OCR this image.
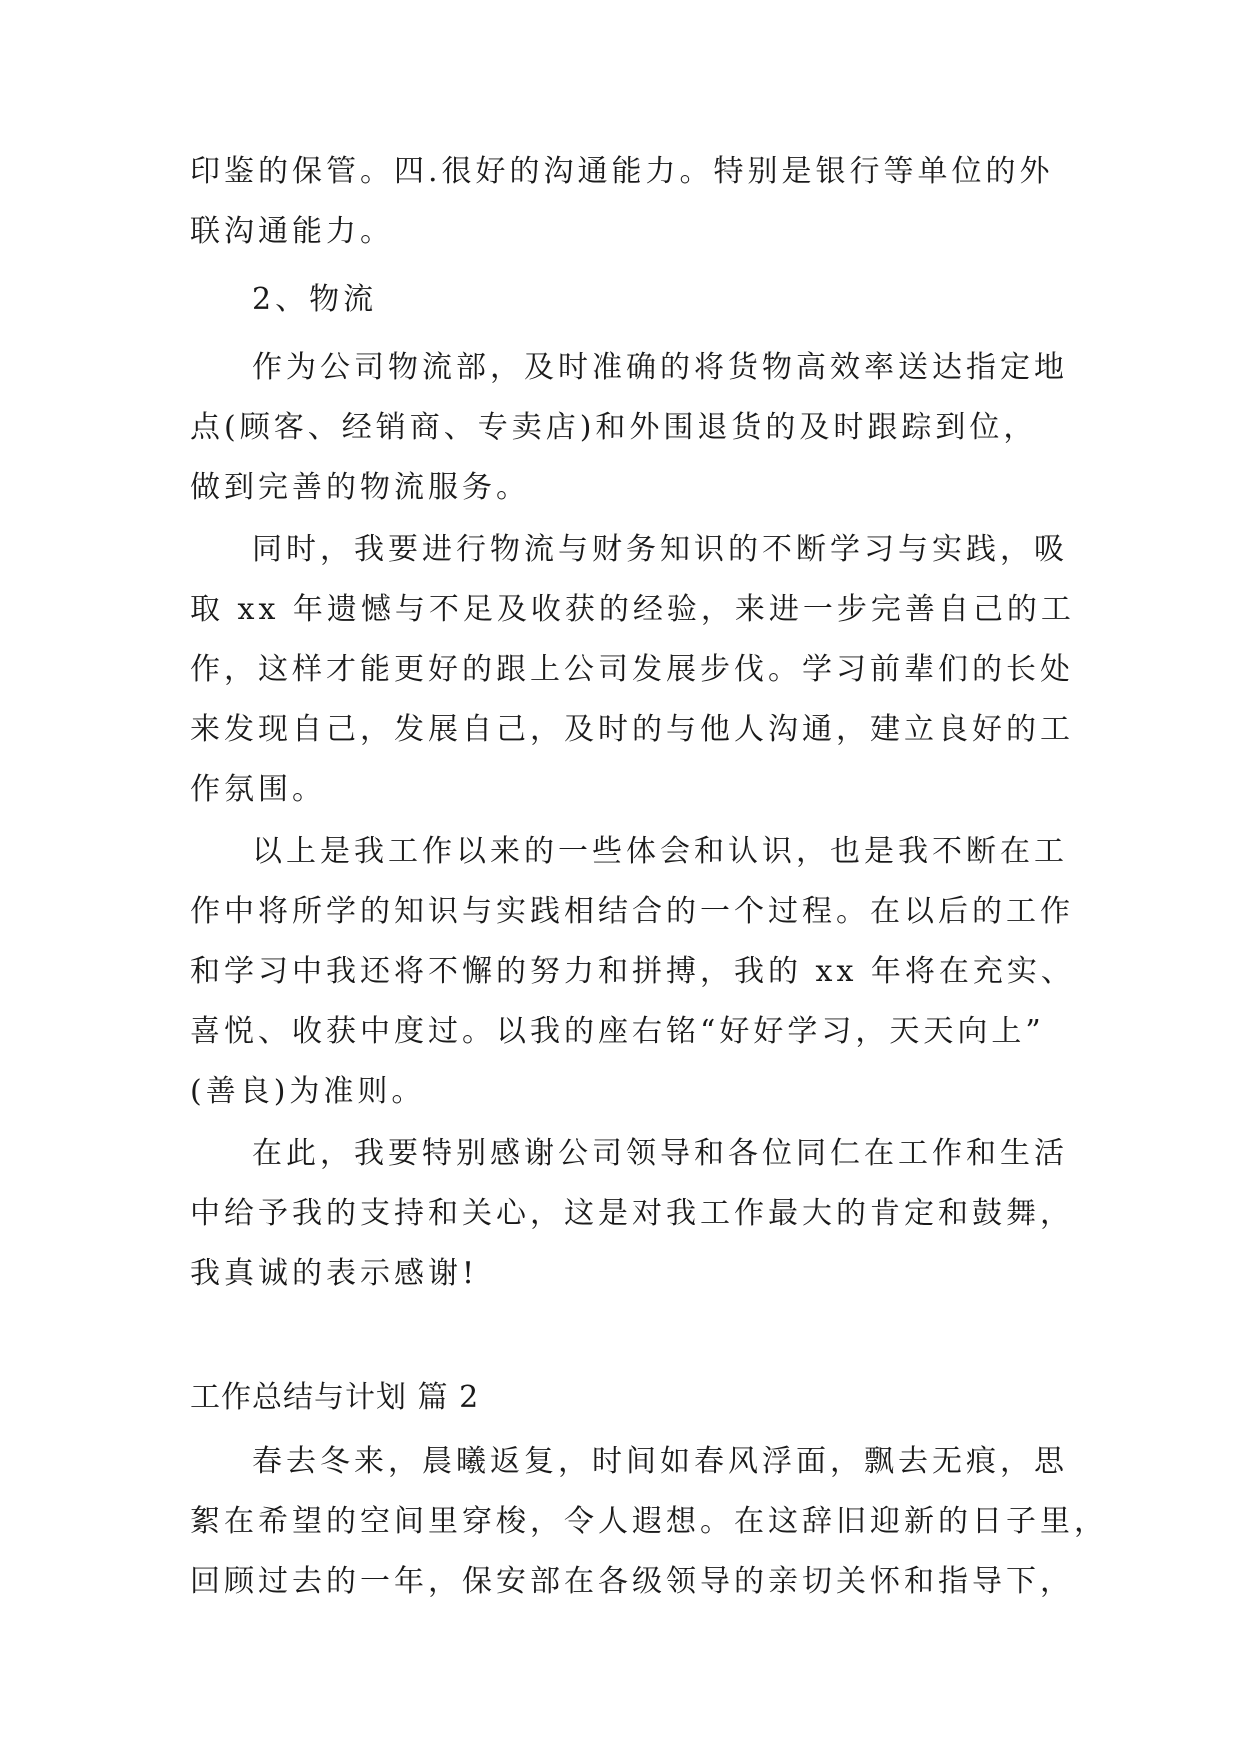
印鉴的保管。四.很好的沟通能力。特别是银行等单位的外
联沟通能力。
2、物流
作为公司物流部，及时准确的将货物高效率送达指定地
点(顾客、经销商、专卖店)和外围退货的及时跟踪到位，
做到完善的物流服务。
同时，我要进行物流与财务知识的不断学习与实践，吸
取 xx 年遗憾与不足及收获的经验，来进一步完善自己的工
作，这样才能更好的跟上公司发展步伐。学习前辈们的长处
来发现自己，发展自己，及时的与他人沟通，建立良好的工
作氛围。
以上是我工作以来的一些体会和认识，也是我不断在工
作中将所学的知识与实践相结合的一个过程。在以后的工作
和学习中我还将不懈的努力和拼搏，我的 xx 年将在充实、
喜悦、收获中度过。以我的座右铭“好好学习，天天向上”
(善良)为准则。
在此，我要特别感谢公司领导和各位同仁在工作和生活
中给予我的支持和关心，这是对我工作最大的肯定和鼓舞，
我真诚的表示感谢!
工作总结与计划 篇 2
春去冬来，晨曦返复，时间如春风浮面，飘去无痕，思
絮在希望的空间里穿梭，令人遐想。在这辞旧迎新的日子里，
回顾过去的一年，保安部在各级领导的亲切关怀和指导下，
